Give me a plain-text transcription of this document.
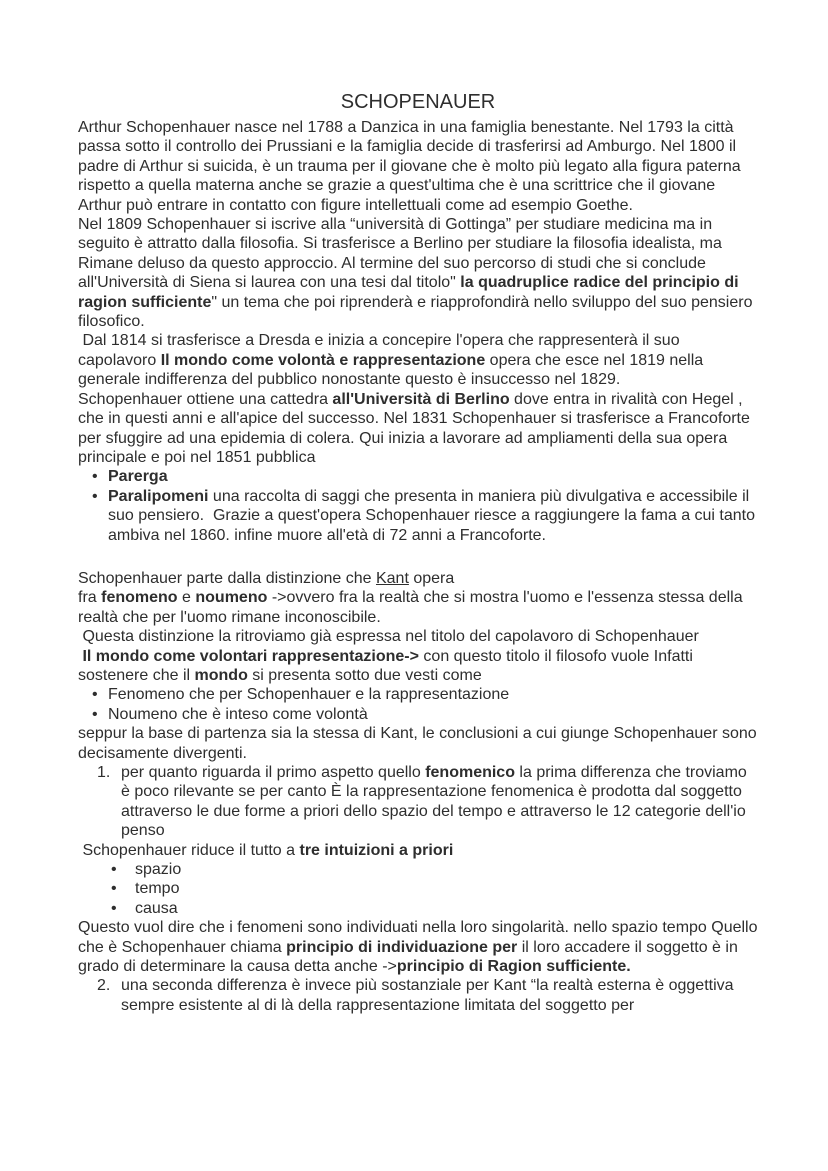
SCHOPENAUER
Arthur Schopenhauer nasce nel 1788 a Danzica in una famiglia benestante. Nel 1793 la città passa sotto il controllo dei Prussiani e la famiglia decide di trasferirsi ad Amburgo. Nel 1800 il padre di Arthur si suicida, è un trauma per il giovane che è molto più legato alla figura paterna rispetto a quella materna anche se grazie a quest'ultima che è una scrittrice che il giovane Arthur può entrare in contatto con figure intellettuali come ad esempio Goethe.
Nel 1809 Schopenhauer si iscrive alla “università di Gottinga” per studiare medicina ma in seguito è attratto dalla filosofia. Si trasferisce a Berlino per studiare la filosofia idealista, ma
Rimane deluso da questo approccio. Al termine del suo percorso di studi che si conclude all'Università di Siena si laurea con una tesi dal titolo" la quadruplice radice del principio di ragion sufficiente" un tema che poi riprenderà e riapprofondirà nello sviluppo del suo pensiero filosofico.
Dal 1814 si trasferisce a Dresda e inizia a concepire l'opera che rappresenterà il suo capolavoro Il mondo come volontà e rappresentazione opera che esce nel 1819 nella generale indifferenza del pubblico nonostante questo è insuccesso nel 1829.
Schopenhauer ottiene una cattedra all'Università di Berlino dove entra in rivalità con Hegel , che in questi anni e all'apice del successo. Nel 1831 Schopenhauer si trasferisce a Francoforte per sfuggire ad una epidemia di colera. Qui inizia a lavorare ad ampliamenti della sua opera principale e poi nel 1851 pubblica
• Parerga
• Paralipomeni una raccolta di saggi che presenta in maniera più divulgativa e accessibile il suo pensiero.  Grazie a quest'opera Schopenhauer riesce a raggiungere la fama a cui tanto ambiva nel 1860. infine muore all'età di 72 anni a Francoforte.
Schopenhauer parte dalla distinzione che Kant opera
fra fenomeno e noumeno ->ovvero fra la realtà che si mostra l'uomo e l'essenza stessa della realtà che per l'uomo rimane inconoscibile.
Questa distinzione la ritroviamo già espressa nel titolo del capolavoro di Schopenhauer
Il mondo come volontari rappresentazione-> con questo titolo il filosofo vuole Infatti sostenere che il mondo si presenta sotto due vesti come
• Fenomeno che per Schopenhauer e la rappresentazione
• Noumeno che è inteso come volontà
seppur la base di partenza sia la stessa di Kant, le conclusioni a cui giunge Schopenhauer sono decisamente divergenti.
1. per quanto riguarda il primo aspetto quello fenomenico la prima differenza che troviamo è poco rilevante se per canto È la rappresentazione fenomenica è prodotta dal soggetto attraverso le due forme a priori dello spazio del tempo e attraverso le 12 categorie dell'io penso
Schopenhauer riduce il tutto a tre intuizioni a priori
•	spazio
•	tempo
•	causa
Questo vuol dire che i fenomeni sono individuati nella loro singolarità. nello spazio tempo Quello che è Schopenhauer chiama principio di individuazione per il loro accadere il soggetto è in grado di determinare la causa detta anche ->principio di Ragion sufficiente.
2. una seconda differenza è invece più sostanziale per Kant “la realtà esterna è oggettiva sempre esistente al di là della rappresentazione limitata del soggetto per
